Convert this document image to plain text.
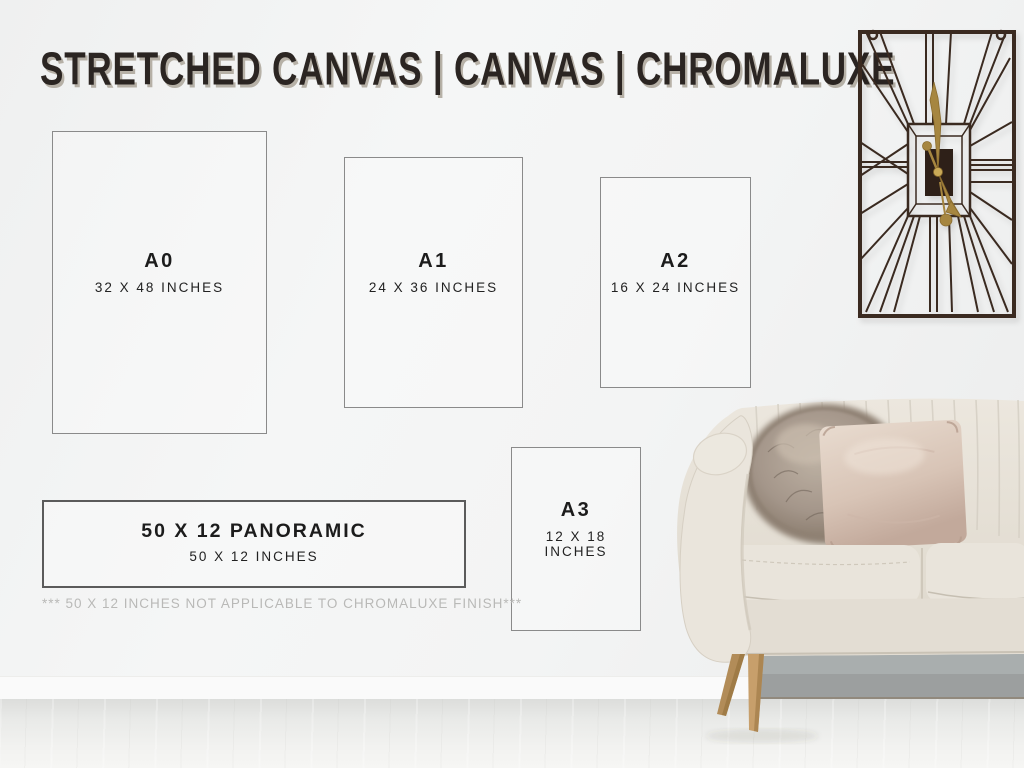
STRETCHED CANVAS | CANVAS | CHROMALUXE
A0
32 X 48 INCHES
A1
24 X 36 INCHES
A2
16 X 24 INCHES
A3
12 X 18 INCHES
50 X 12 PANORAMIC
50 X 12 INCHES
*** 50 X 12 INCHES NOT APPLICABLE TO CHROMALUXE FINISH***
